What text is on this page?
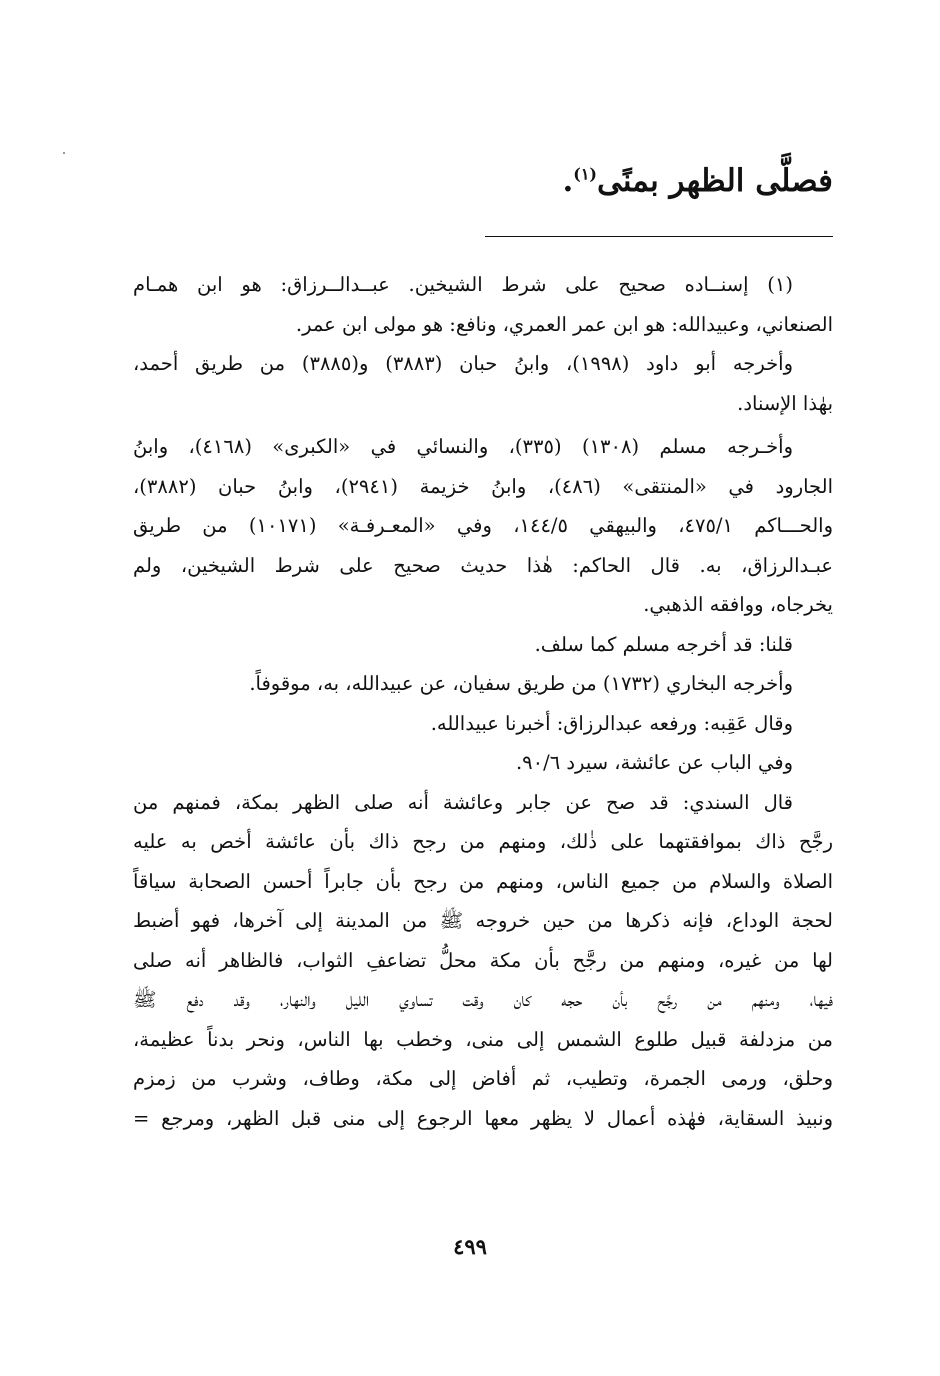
فصلَّى الظهر بمنًى$^{(١)}$.
(١) إسنــاده صحيح على شرط الشيخين. عبــدالــرزاق: هو ابن همـام
الصنعاني، وعبيدالله: هو ابن عمر العمري، ونافع: هو مولى ابن عمر.
وأخرجه أبو داود (١٩٩٨)، وابنُ حبان (٣٨٨٣) و(٣٨٨٥) من طريق أحمد،
بهٰذا الإسناد.
وأخـرجه مسلم (١٣٠٨) (٣٣٥)، والنسائي في «الكبرى» (٤١٦٨)، وابنُ
الجارود في «المنتقى» (٤٨٦)، وابنُ خزيمة (٢٩٤١)، وابنُ حبان (٣٨٨٢)،
والحـــاكم ٤٧٥/١، والبيهقي ١٤٤/٥، وفي «المعـرفـة» (١٠١٧١) من طريق
عبـدالرزاق، به. قال الحاكم: هٰذا حديث صحيح على شرط الشيخين، ولم
يخرجاه، ووافقه الذهبي.
قلنا: قد أخرجه مسلم كما سلف.
وأخرجه البخاري (١٧٣٢) من طريق سفيان، عن عبيدالله، به، موقوفاً.
وقال عَقِبه: ورفعه عبدالرزاق: أخبرنا عبيدالله.
وفي الباب عن عائشة، سيرد ٩٠/٦.
قال السندي: قد صح عن جابر وعائشة أنه صلى الظهر بمكة، فمنهم من
رجَّح ذاك بموافقتهما على ذٰلك، ومنهم من رجح ذاك بأن عائشة أخص به عليه
الصلاة والسلام من جميع الناس، ومنهم من رجح بأن جابراً أحسن الصحابة سياقاً
لحجة الوداع، فإنه ذكرها من حين خروجه ﷺ من المدينة إلى آخرها، فهو أضبط
لها من غيره، ومنهم من رجَّح بأن مكة محلُّ تضاعفِ الثواب، فالظاهر أنه صلى
فيها، ومنهم من رجَّح بأن حجه كان وقت تساوي الليل والنهار، وقد دفع ﷺ
من مزدلفة قبيل طلوع الشمس إلى منى، وخطب بها الناس، ونحر بدناً عظيمة،
وحلق، ورمى الجمرة، وتطيب، ثم أفاض إلى مكة، وطاف، وشرب من زمزم
ونبيذ السقاية، فهٰذه أعمال لا يظهر معها الرجوع إلى منى قبل الظهر، ومرجع =
٤٩٩
